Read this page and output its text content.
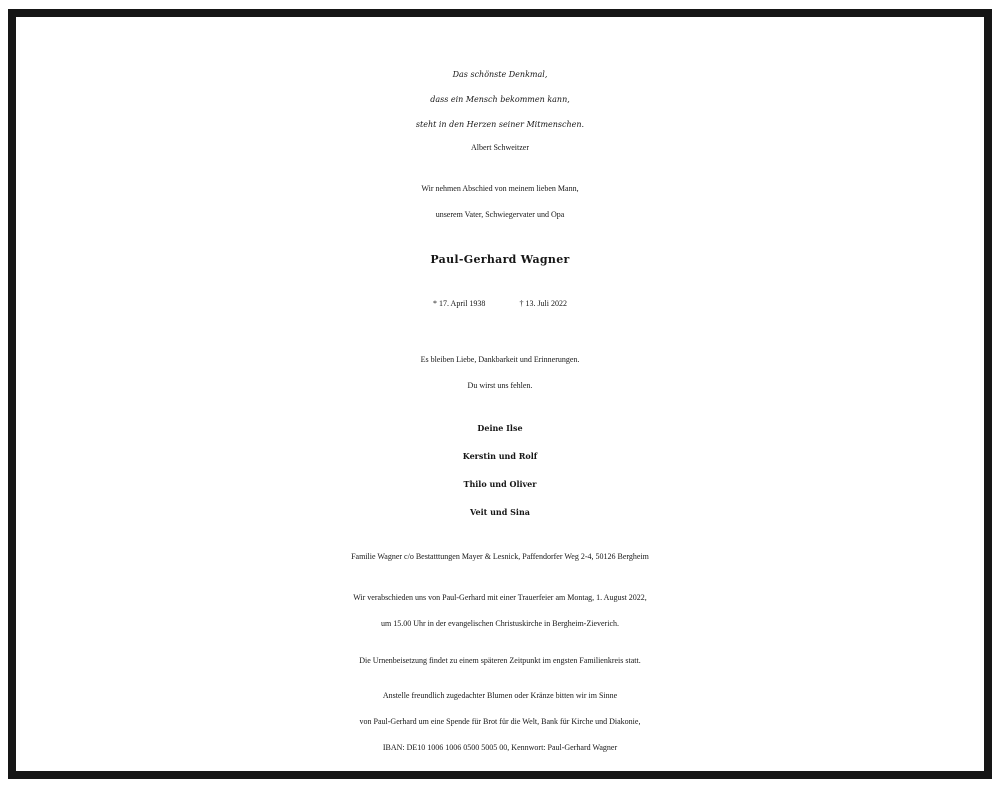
Das schönste Denkmal,
dass ein Mensch bekommen kann,
steht in den Herzen seiner Mitmenschen.
Albert Schweitzer
Wir nehmen Abschied von meinem lieben Mann,
unserem Vater, Schwiegervater und Opa
Paul-Gerhard Wagner
* 17. April 1938	† 13. Juli 2022
Es bleiben Liebe, Dankbarkeit und Erinnerungen.
Du wirst uns fehlen.
Deine Ilse
Kerstin und Rolf
Thilo und Oliver
Veit und Sina
Familie Wagner c/o Bestatttungen Mayer & Lesnick, Paffendorfer Weg 2-4, 50126 Bergheim
Wir verabschieden uns von Paul-Gerhard mit einer Trauerfeier am Montag, 1. August 2022,
um 15.00 Uhr in der evangelischen Christuskirche in Bergheim-Zieverich.
Die Urnenbeisetzung findet zu einem späteren Zeitpunkt im engsten Familienkreis statt.
Anstelle freundlich zugedachter Blumen oder Kränze bitten wir im Sinne
von Paul-Gerhard um eine Spende für Brot für die Welt, Bank für Kirche und Diakonie,
IBAN: DE10 1006 1006 0500 5005 00, Kennwort: Paul-Gerhard Wagner
